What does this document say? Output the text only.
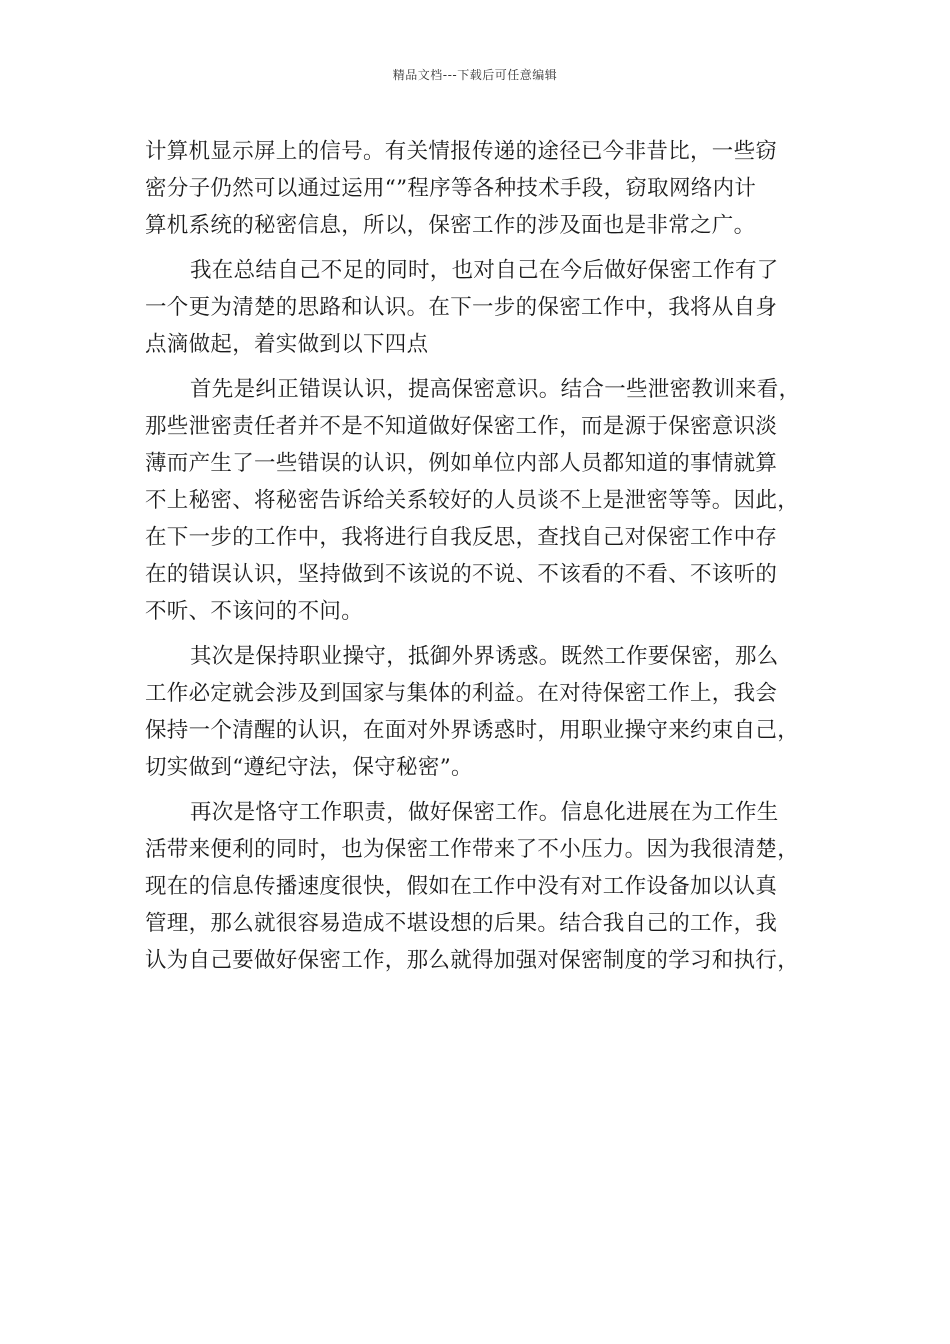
精品文档---下载后可任意编辑
计算机显示屏上的信号。有关情报传递的途径已今非昔比，一些窃
密分子仍然可以通过运用“”程序等各种技术手段，窃取网络内计
算机系统的秘密信息，所以，保密工作的涉及面也是非常之广。
我在总结自己不足的同时，也对自己在今后做好保密工作有了
一个更为清楚的思路和认识。在下一步的保密工作中，我将从自身
点滴做起，着实做到以下四点
首先是纠正错误认识，提高保密意识。结合一些泄密教训来看，
那些泄密责任者并不是不知道做好保密工作，而是源于保密意识淡
薄而产生了一些错误的认识，例如单位内部人员都知道的事情就算
不上秘密、将秘密告诉给关系较好的人员谈不上是泄密等等。因此，
在下一步的工作中，我将进行自我反思，查找自己对保密工作中存
在的错误认识，坚持做到不该说的不说、不该看的不看、不该听的
不听、不该问的不问。
其次是保持职业操守，抵御外界诱惑。既然工作要保密，那么
工作必定就会涉及到国家与集体的利益。在对待保密工作上，我会
保持一个清醒的认识，在面对外界诱惑时，用职业操守来约束自己，
切实做到“遵纪守法，保守秘密”。
再次是恪守工作职责，做好保密工作。信息化进展在为工作生
活带来便利的同时，也为保密工作带来了不小压力。因为我很清楚，
现在的信息传播速度很快，假如在工作中没有对工作设备加以认真
管理，那么就很容易造成不堪设想的后果。结合我自己的工作，我
认为自己要做好保密工作，那么就得加强对保密制度的学习和执行，
